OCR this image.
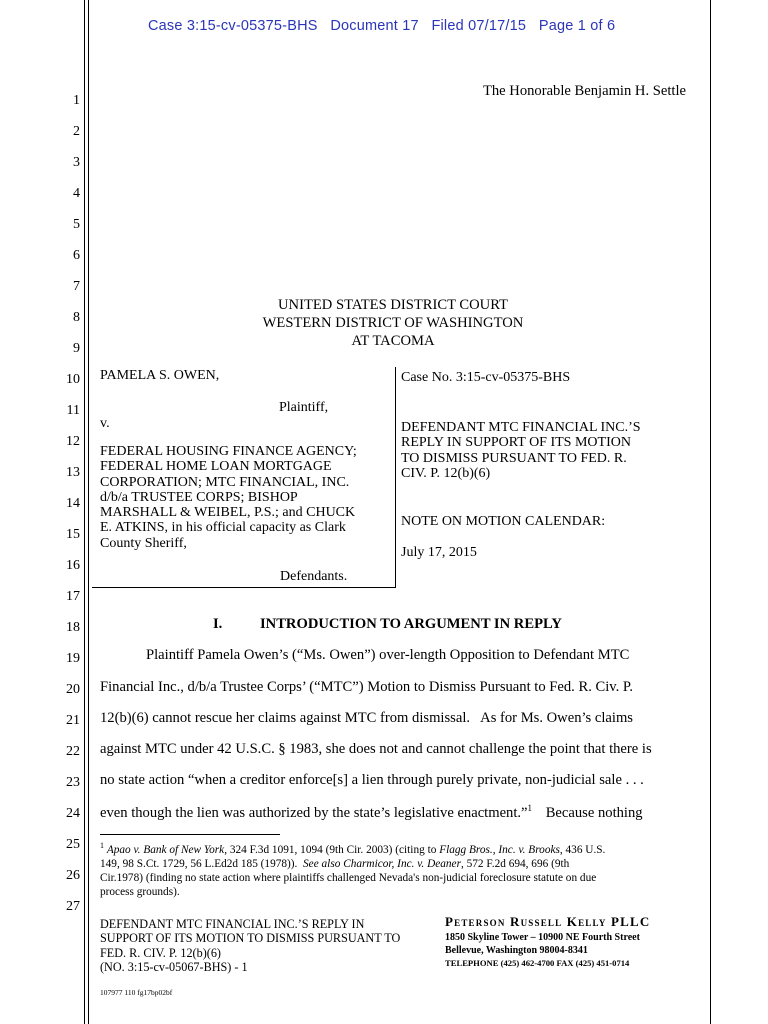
Case 3:15-cv-05375-BHS Document 17 Filed 07/17/15 Page 1 of 6
The Honorable Benjamin H. Settle
1
2
3
4
5
6
7
8
9
10
11
12
13
14
15
16
17
18
19
20
21
22
23
24
25
26
27
UNITED STATES DISTRICT COURT
WESTERN DISTRICT OF WASHINGTON
AT TACOMA
PAMELA S. OWEN,
Plaintiff,
v.
FEDERAL HOUSING FINANCE AGENCY;
FEDERAL HOME LOAN MORTGAGE
CORPORATION; MTC FINANCIAL, INC.
d/b/a TRUSTEE CORPS; BISHOP
MARSHALL & WEIBEL, P.S.; and CHUCK
E. ATKINS, in his official capacity as Clark
County Sheriff,
Defendants.
Case No. 3:15-cv-05375-BHS
DEFENDANT MTC FINANCIAL INC.’S
REPLY IN SUPPORT OF ITS MOTION
TO DISMISS PURSUANT TO FED. R.
CIV. P. 12(b)(6)
NOTE ON MOTION CALENDAR:
July 17, 2015
I.	INTRODUCTION TO ARGUMENT IN REPLY
Plaintiff Pamela Owen’s (“Ms. Owen”) over-length Opposition to Defendant MTC
Financial Inc., d/b/a Trustee Corps’ (“MTC”) Motion to Dismiss Pursuant to Fed. R. Civ. P.
12(b)(6) cannot rescue her claims against MTC from dismissal.   As for Ms. Owen’s claims
against MTC under 42 U.S.C. § 1983, she does not and cannot challenge the point that there is
no state action “when a creditor enforce[s] a lien through purely private, non-judicial sale . . .
even though the lien was authorized by the state’s legislative enactment.”$^1$ Because nothing
$^1$ Apao v. Bank of New York, 324 F.3d 1091, 1094 (9th Cir. 2003) (citing to Flagg Bros., Inc. v. Brooks, 436 U.S.
149, 98 S.Ct. 1729, 56 L.Ed2d 185 (1978)).  See also Charmicor, Inc. v. Deaner, 572 F.2d 694, 696 (9th
Cir.1978) (finding no state action where plaintiffs challenged Nevada's non-judicial foreclosure statute on due
process grounds).
DEFENDANT MTC FINANCIAL INC.’S REPLY IN
SUPPORT OF ITS MOTION TO DISMISS PURSUANT TO
FED. R. CIV. P. 12(b)(6)
(NO. 3:15-cv-05067-BHS) - 1
107977 110 fg17bp02bf
Peterson Russell Kelly PLLC
1850 Skyline Tower – 10900 NE Fourth Street
Bellevue, Washington 98004-8341
TELEPHONE (425) 462-4700 FAX (425) 451-0714
